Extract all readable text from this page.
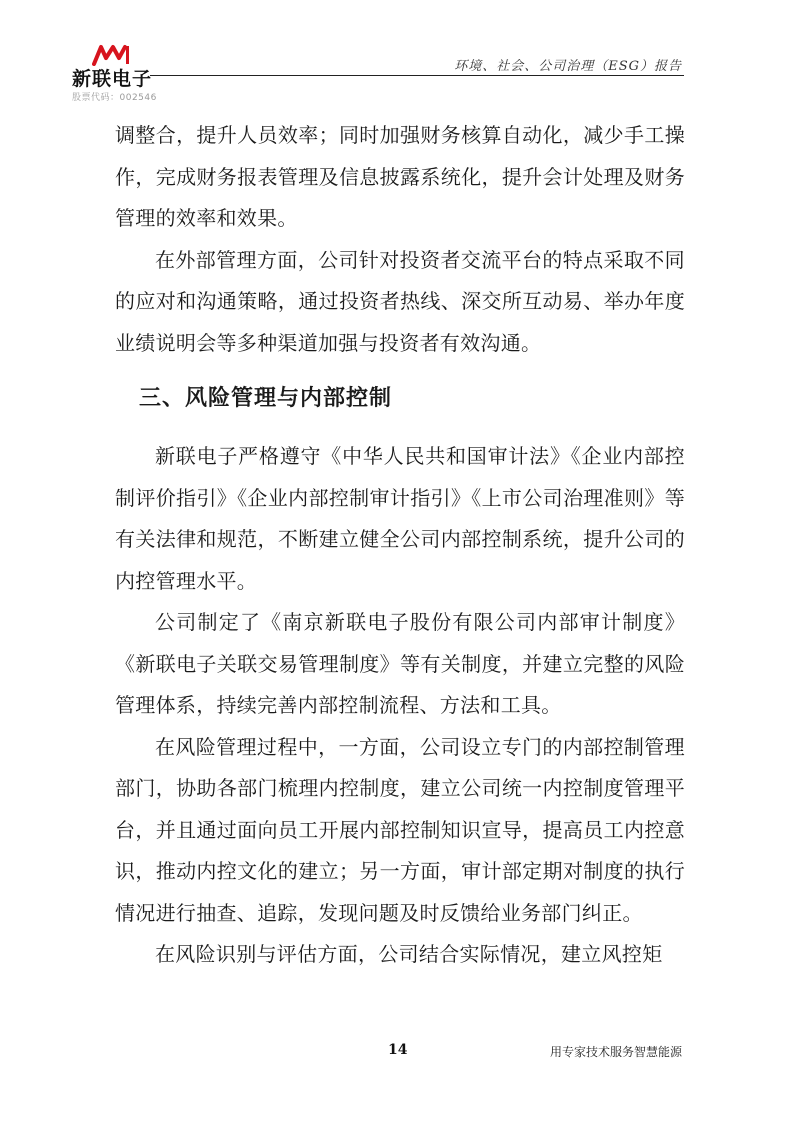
新联电子
股票代码：002546
环境、社会、公司治理（ESG）报告

调整合，提升人员效率；同时加强财务核算自动化，减少手工操作，完成财务报表管理及信息披露系统化，提升会计处理及财务管理的效率和效果。

在外部管理方面，公司针对投资者交流平台的特点采取不同的应对和沟通策略，通过投资者热线、深交所互动易、举办年度业绩说明会等多种渠道加强与投资者有效沟通。

三、风险管理与内部控制

新联电子严格遵守《中华人民共和国审计法》《企业内部控制评价指引》《企业内部控制审计指引》《上市公司治理准则》等有关法律和规范，不断建立健全公司内部控制系统，提升公司的内控管理水平。

公司制定了《南京新联电子股份有限公司内部审计制度》《新联电子关联交易管理制度》等有关制度，并建立完整的风险管理体系，持续完善内部控制流程、方法和工具。

在风险管理过程中，一方面，公司设立专门的内部控制管理部门，协助各部门梳理内控制度，建立公司统一内控制度管理平台，并且通过面向员工开展内部控制知识宣导，提高员工内控意识，推动内控文化的建立；另一方面，审计部定期对制度的执行情况进行抽查、追踪，发现问题及时反馈给业务部门纠正。

在风险识别与评估方面，公司结合实际情况，建立风控矩

14	用专家技术服务智慧能源
